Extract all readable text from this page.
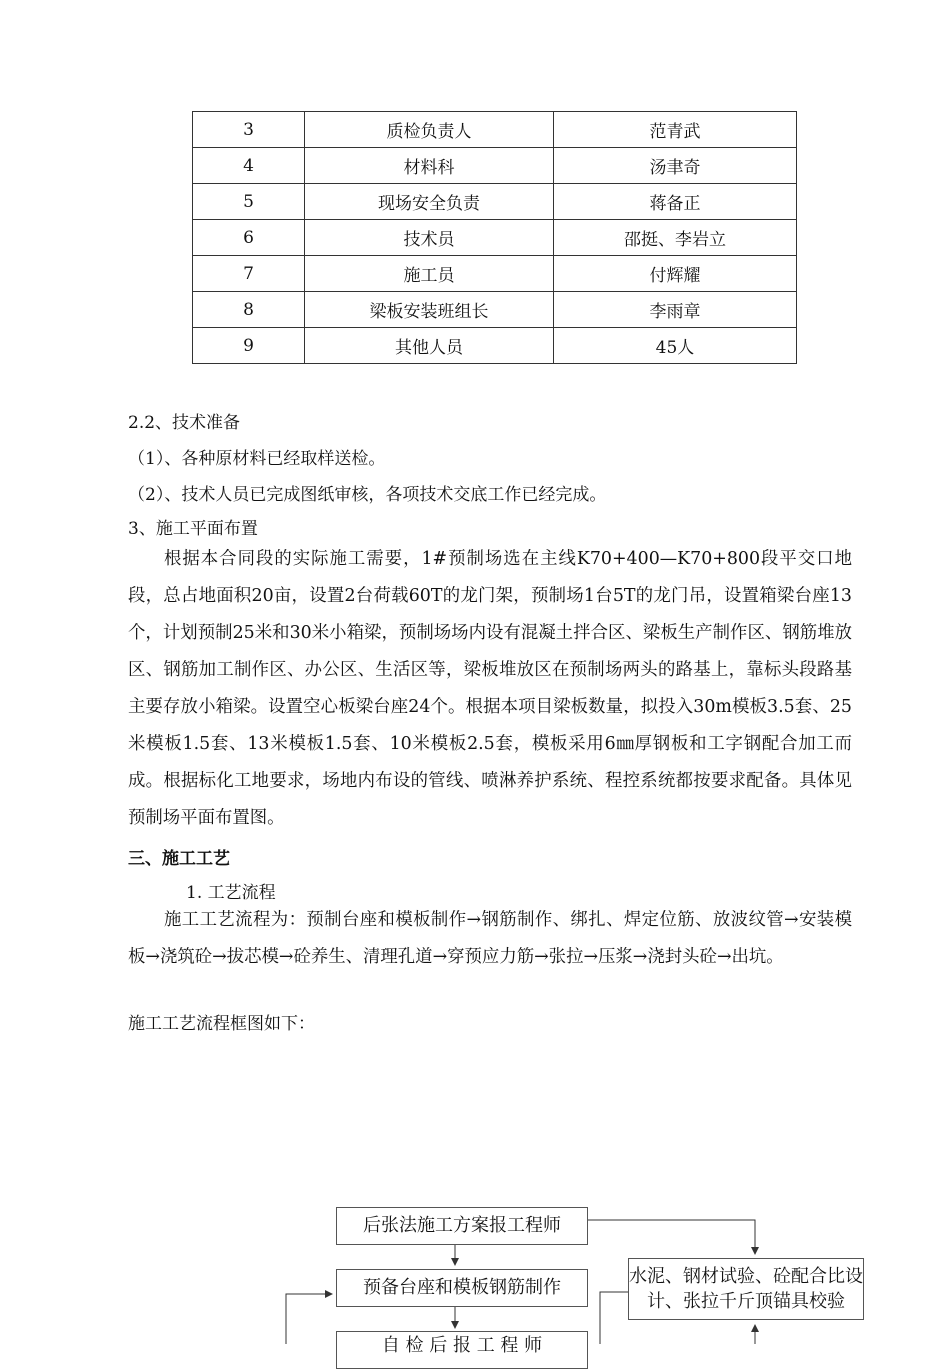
3	质检负责人	范青武
4	材料科	汤聿奇
5	现场安全负责	蒋备正
6	技术员	邵挺、李岩立
7	施工员	付辉耀
8	梁板安装班组长	李雨章
9	其他人员	45人
2.2、技术准备
（1）、各种原材料已经取样送检。
（2）、技术人员已完成图纸审核，各项技术交底工作已经完成。
3、施工平面布置
根据本合同段的实际施工需要，1#预制场选在主线K70+400—K70+800段平交口地段，总占地面积20亩，设置2台荷载60T的龙门架，预制场1台5T的龙门吊，设置箱梁台座13个，计划预制25米和30米小箱梁，预制场场内设有混凝土拌合区、梁板生产制作区、钢筋堆放区、钢筋加工制作区、办公区、生活区等，梁板堆放区在预制场两头的路基上，靠标头段路基主要存放小箱梁。设置空心板梁台座24个。根据本项目梁板数量，拟投入30m模板3.5套、25米模板1.5套、13米模板1.5套、10米模板2.5套，模板采用6㎜厚钢板和工字钢配合加工而成。根据标化工地要求，场地内布设的管线、喷淋养护系统、程控系统都按要求配备。具体见预制场平面布置图。
三、施工工艺
1. 工艺流程
施工工艺流程为：预制台座和模板制作→钢筋制作、绑扎、焊定位筋、放波纹管→安装模板→浇筑砼→拔芯模→砼养生、清理孔道→穿预应力筋→张拉→压浆→浇封头砼→出坑。
施工工艺流程框图如下：
后张法施工方案报工程师
预备台座和模板钢筋制作
水泥、钢材试验、砼配合比设计、张拉千斤顶锚具校验
自 检 后 报 工 程 师
